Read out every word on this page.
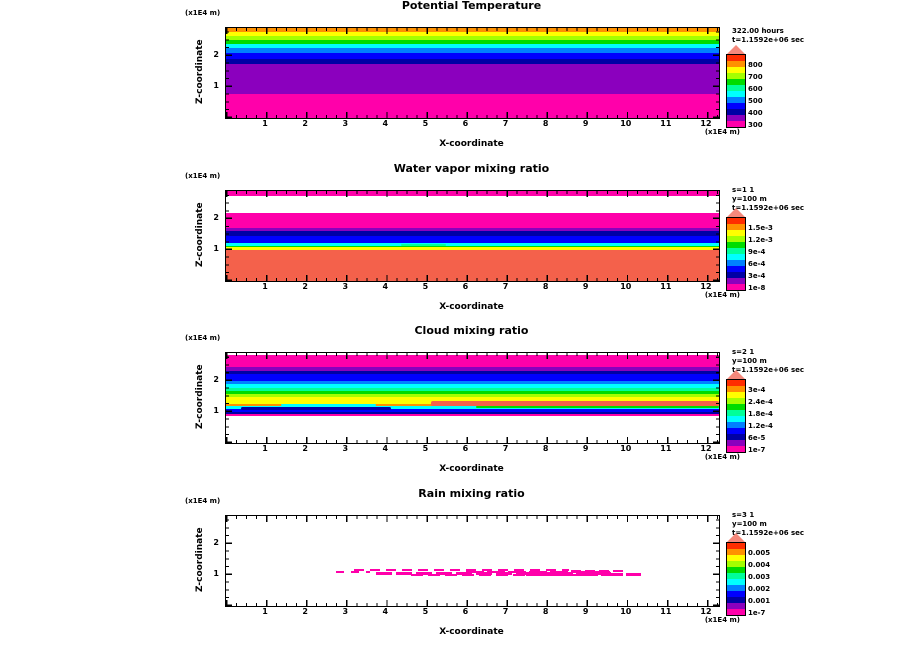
Potential Temperature
(x1E4 m)
Z-coordinate	2
1
1	2	3	4	5	6	7	8	9	10	11	12
(x1E4 m)
X-coordinate
322.00 hours
t=1.1592e+06 sec
800
700
600
500
400
300
Water vapor mixing ratio
(x1E4 m)
Z-coordinate	2
1
1	2	3	4	5	6	7	8	9	10	11	12
(x1E4 m)
X-coordinate
s=1 1
y=100 m
t=1.1592e+06 sec
1.5e-3
1.2e-3
9e-4
6e-4
3e-4
1e-8
Cloud mixing ratio
(x1E4 m)
Z-coordinate	2
1
1	2	3	4	5	6	7	8	9	10	11	12
(x1E4 m)
X-coordinate
s=2 1
y=100 m
t=1.1592e+06 sec
3e-4
2.4e-4
1.8e-4
1.2e-4
6e-5
1e-7
Rain mixing ratio
(x1E4 m)
Z-coordinate	2
1
1	2	3	4	5	6	7	8	9	10	11	12
(x1E4 m)
X-coordinate
s=3 1
y=100 m
t=1.1592e+06 sec
0.005
0.004
0.003
0.002
0.001
1e-7
